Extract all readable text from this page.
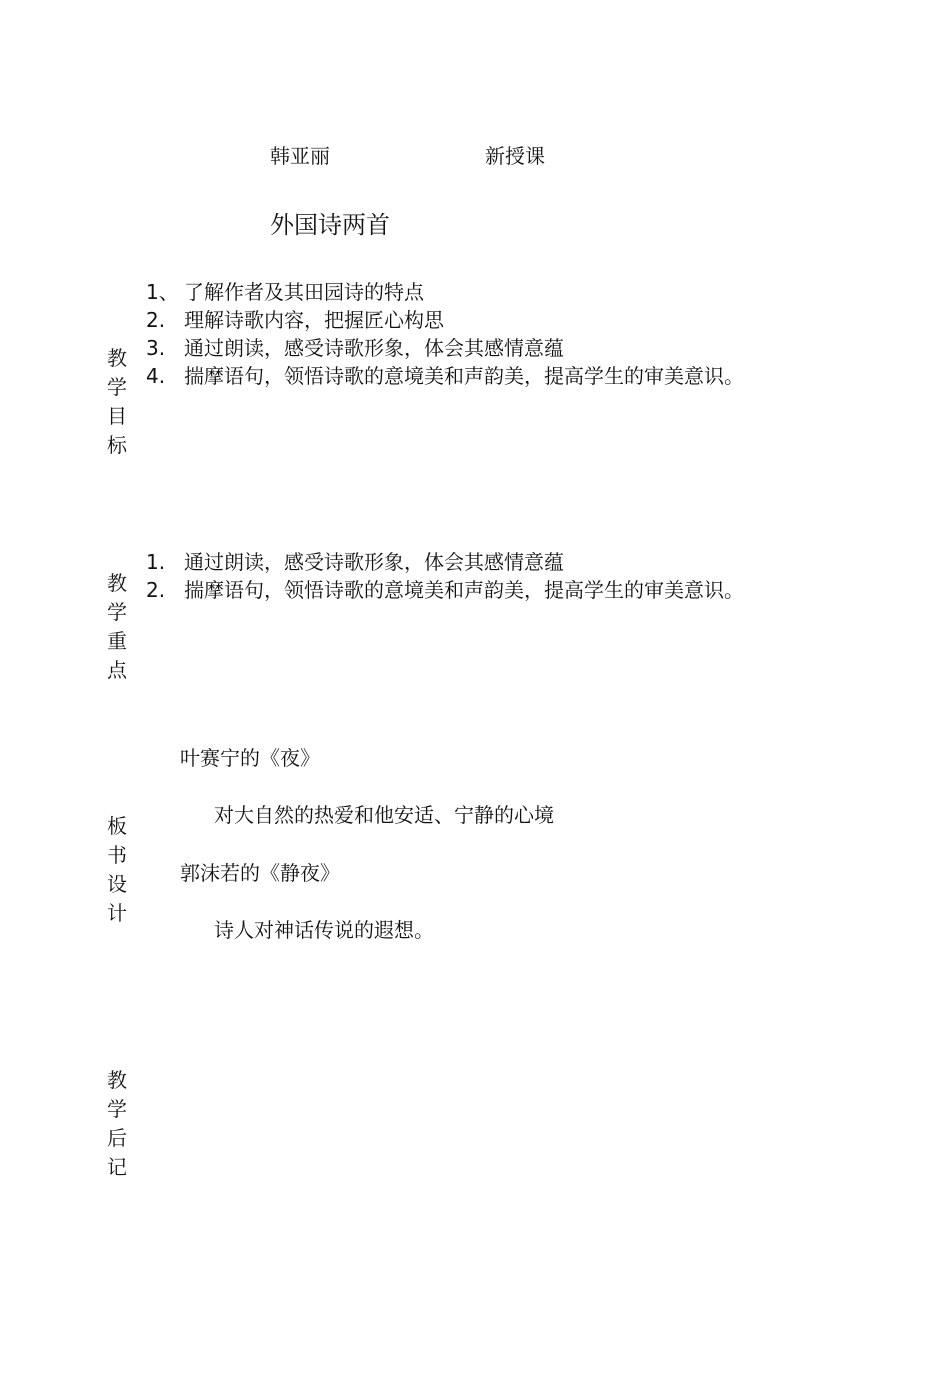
韩亚丽	新授课
外国诗两首
教
学
目
标
1、 了解作者及其田园诗的特点
2. 理解诗歌内容，把握匠心构思
3. 通过朗读，感受诗歌形象，体会其感情意蕴
4. 揣摩语句，领悟诗歌的意境美和声韵美，提高学生的审美意识。
教
学
重
点
1. 通过朗读，感受诗歌形象，体会其感情意蕴
2. 揣摩语句，领悟诗歌的意境美和声韵美，提高学生的审美意识。
板
书
设
计
叶赛宁的《夜》
对大自然的热爱和他安适、宁静的心境
郭沫若的《静夜》
诗人对神话传说的遐想。
教
学
后
记
